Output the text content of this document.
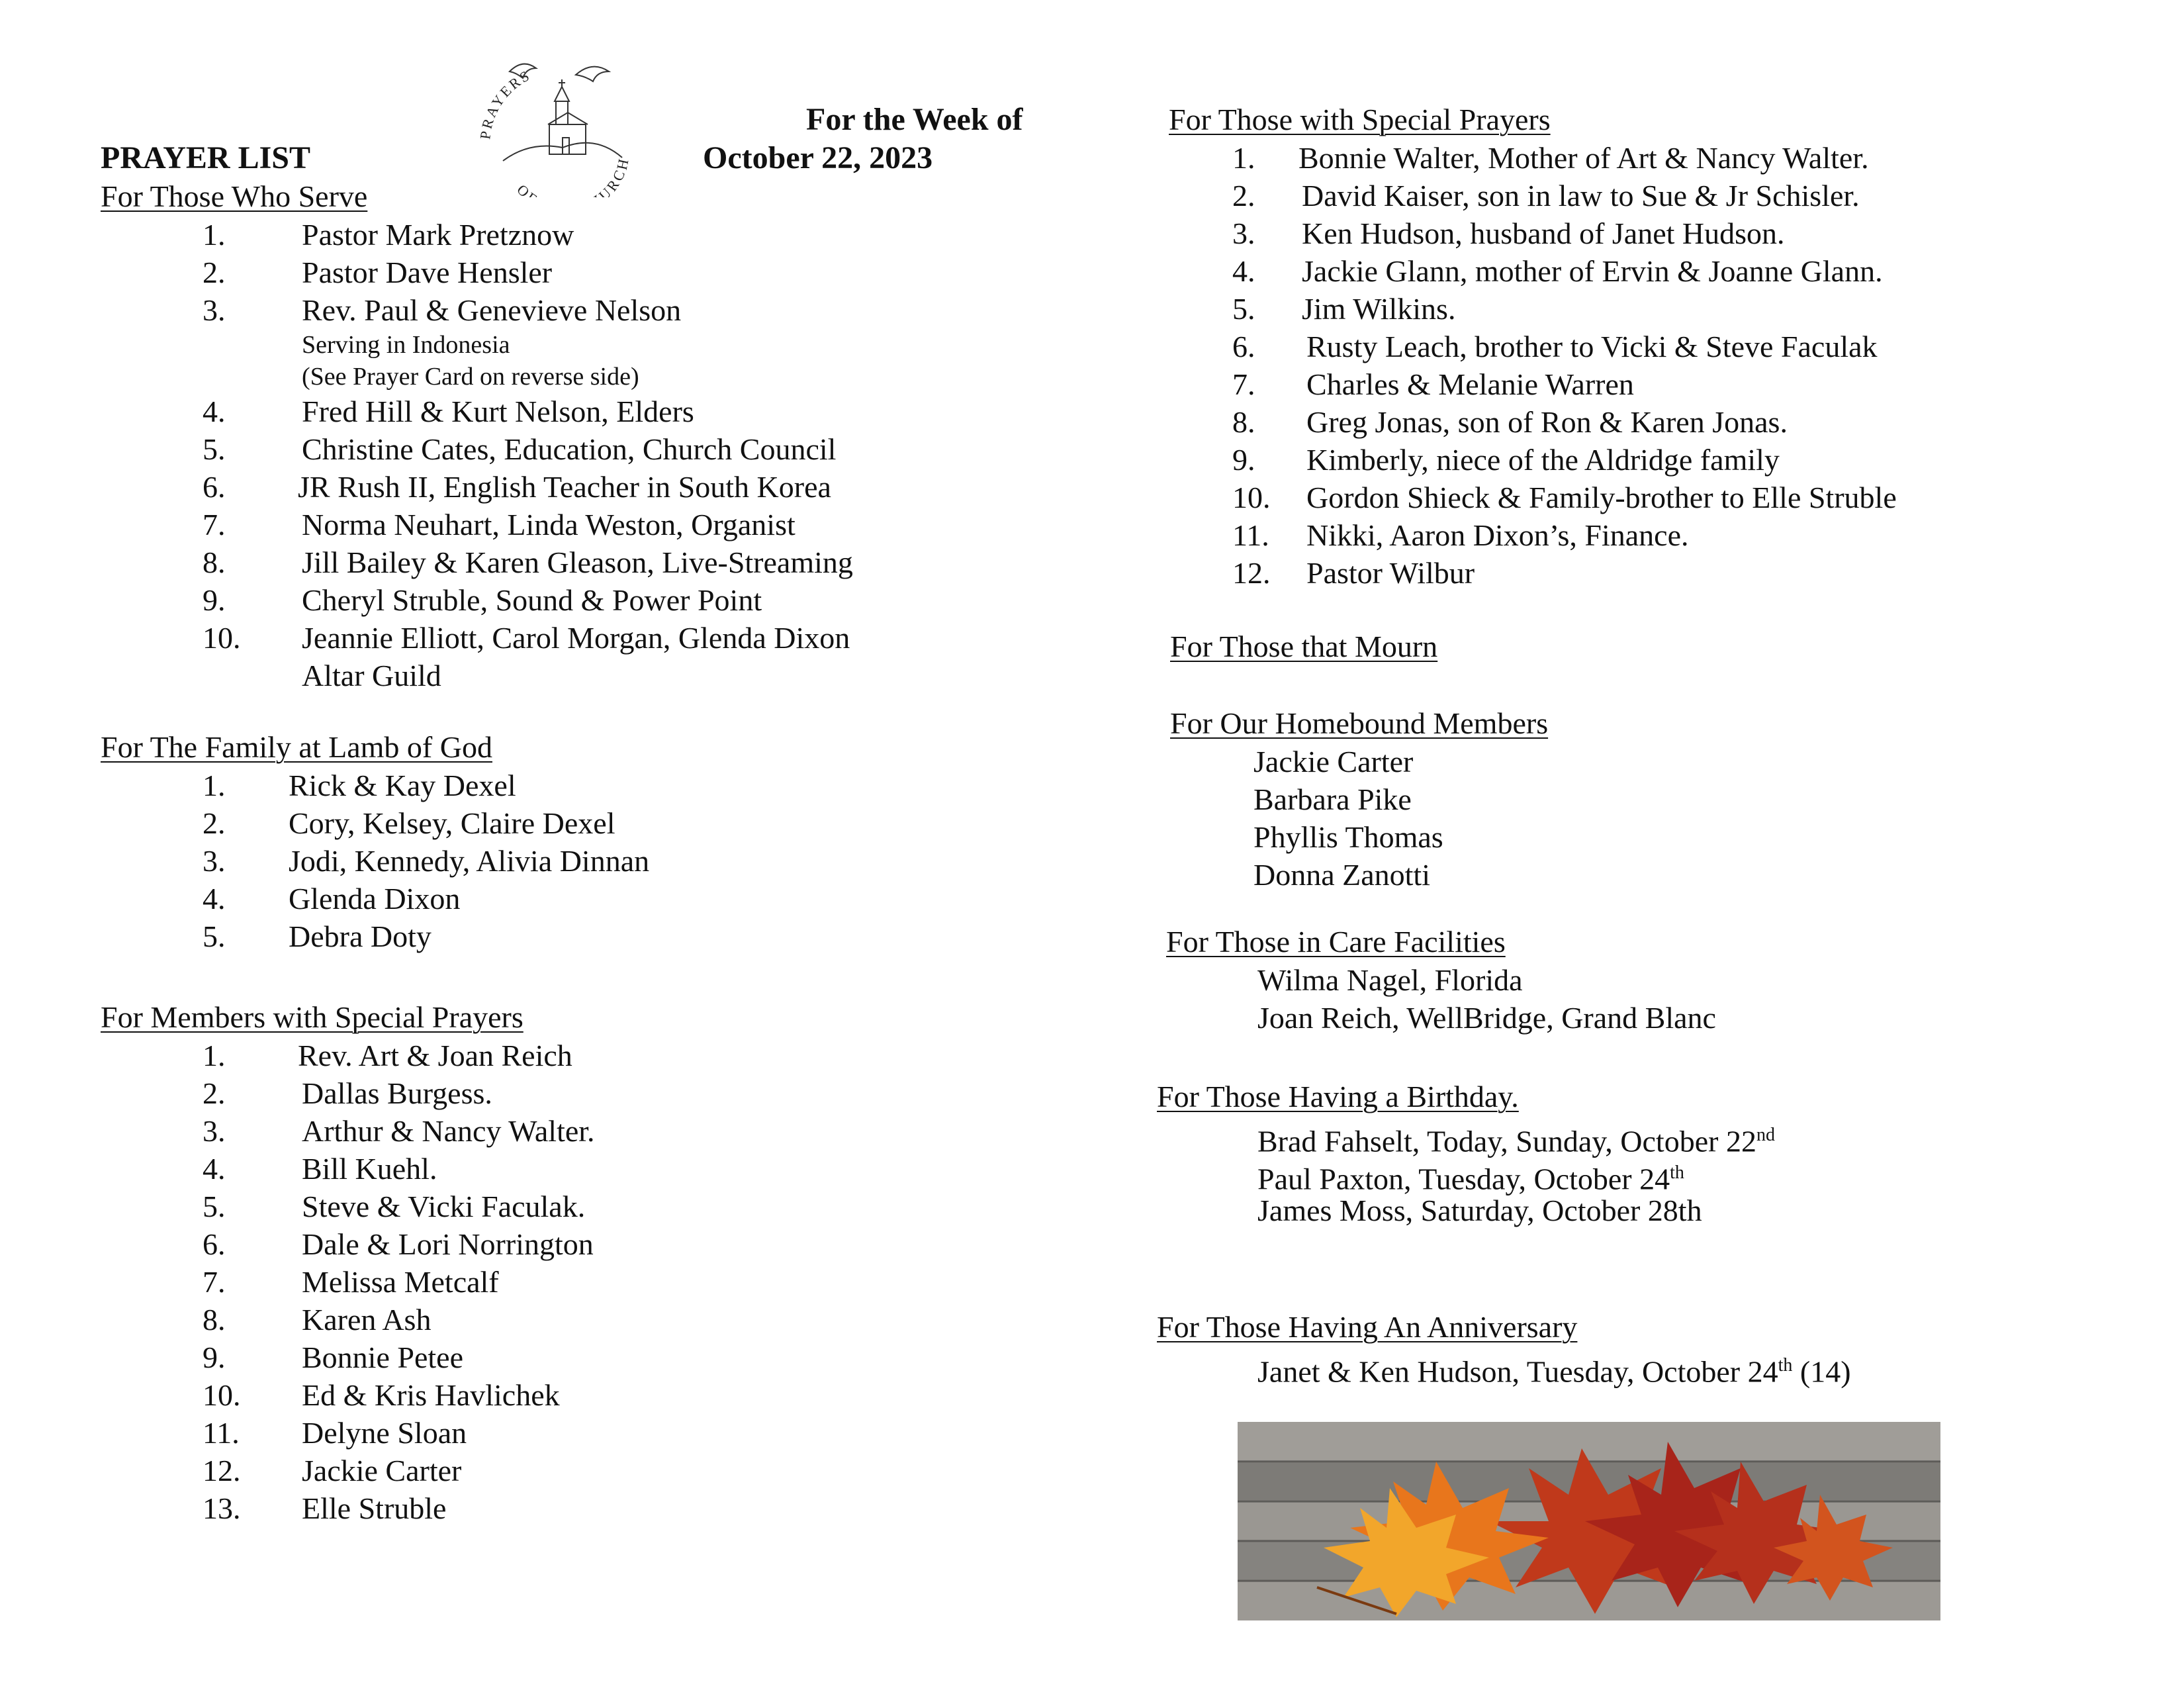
For the Week of
October 22, 2023
PRAYER LIST
PRAYERS
O URCH
For Those Who Serve
1.	Pastor Mark Pretznow
2.	Pastor Dave Hensler
3.	Rev. Paul & Genevieve Nelson
Serving in Indonesia
(See Prayer Card on reverse side)
4.	Fred Hill & Kurt Nelson, Elders
5.	Christine Cates, Education, Church Council
6. JR Rush II, English Teacher in South Korea
7.	Norma Neuhart, Linda Weston, Organist
8.	Jill Bailey & Karen Gleason, Live-Streaming
9.	Cheryl Struble, Sound & Power Point
10. Jeannie Elliott, Carol Morgan, Glenda Dixon
Altar Guild
For The Family at Lamb of God
1. Rick & Kay Dexel
2. Cory, Kelsey, Claire Dexel
3. Jodi, Kennedy, Alivia Dinnan
4. Glenda Dixon
5. Debra Doty
For Members with Special Prayers
1. Rev. Art & Joan Reich
2.	Dallas Burgess.
3.	Arthur & Nancy Walter.
4.	Bill Kuehl.
5.	Steve & Vicki Faculak.
6.	Dale & Lori Norrington
7.	Melissa Metcalf
8.	Karen Ash
9.	Bonnie Petee
10. Ed & Kris Havlichek
11. Delyne Sloan
12. Jackie Carter
13. Elle Struble
For Those with Special Prayers
1. Bonnie Walter, Mother of Art & Nancy Walter.
2. David Kaiser, son in law to Sue & Jr Schisler.
3. Ken Hudson, husband of Janet Hudson.
4. Jackie Glann, mother of Ervin & Joanne Glann.
5. Jim Wilkins.
6. Rusty Leach, brother to Vicki & Steve Faculak
7. Charles & Melanie Warren
8. Greg Jonas, son of Ron & Karen Jonas.
9. Kimberly, niece of the Aldridge family
10. Gordon Shieck & Family-brother to Elle Struble
11. Nikki, Aaron Dixon’s, Finance.
12. Pastor Wilbur
For Those that Mourn
For Our Homebound Members
Jackie Carter
Barbara Pike
Phyllis Thomas
Donna Zanotti
For Those in Care Facilities
Wilma Nagel, Florida
Joan Reich, WellBridge, Grand Blanc
For Those Having a Birthday.
Brad Fahselt, Today, Sunday, October 22nd
Paul Paxton, Tuesday, October 24th
James Moss, Saturday, October 28th
For Those Having An Anniversary
Janet & Ken Hudson, Tuesday, October 24th (14)
